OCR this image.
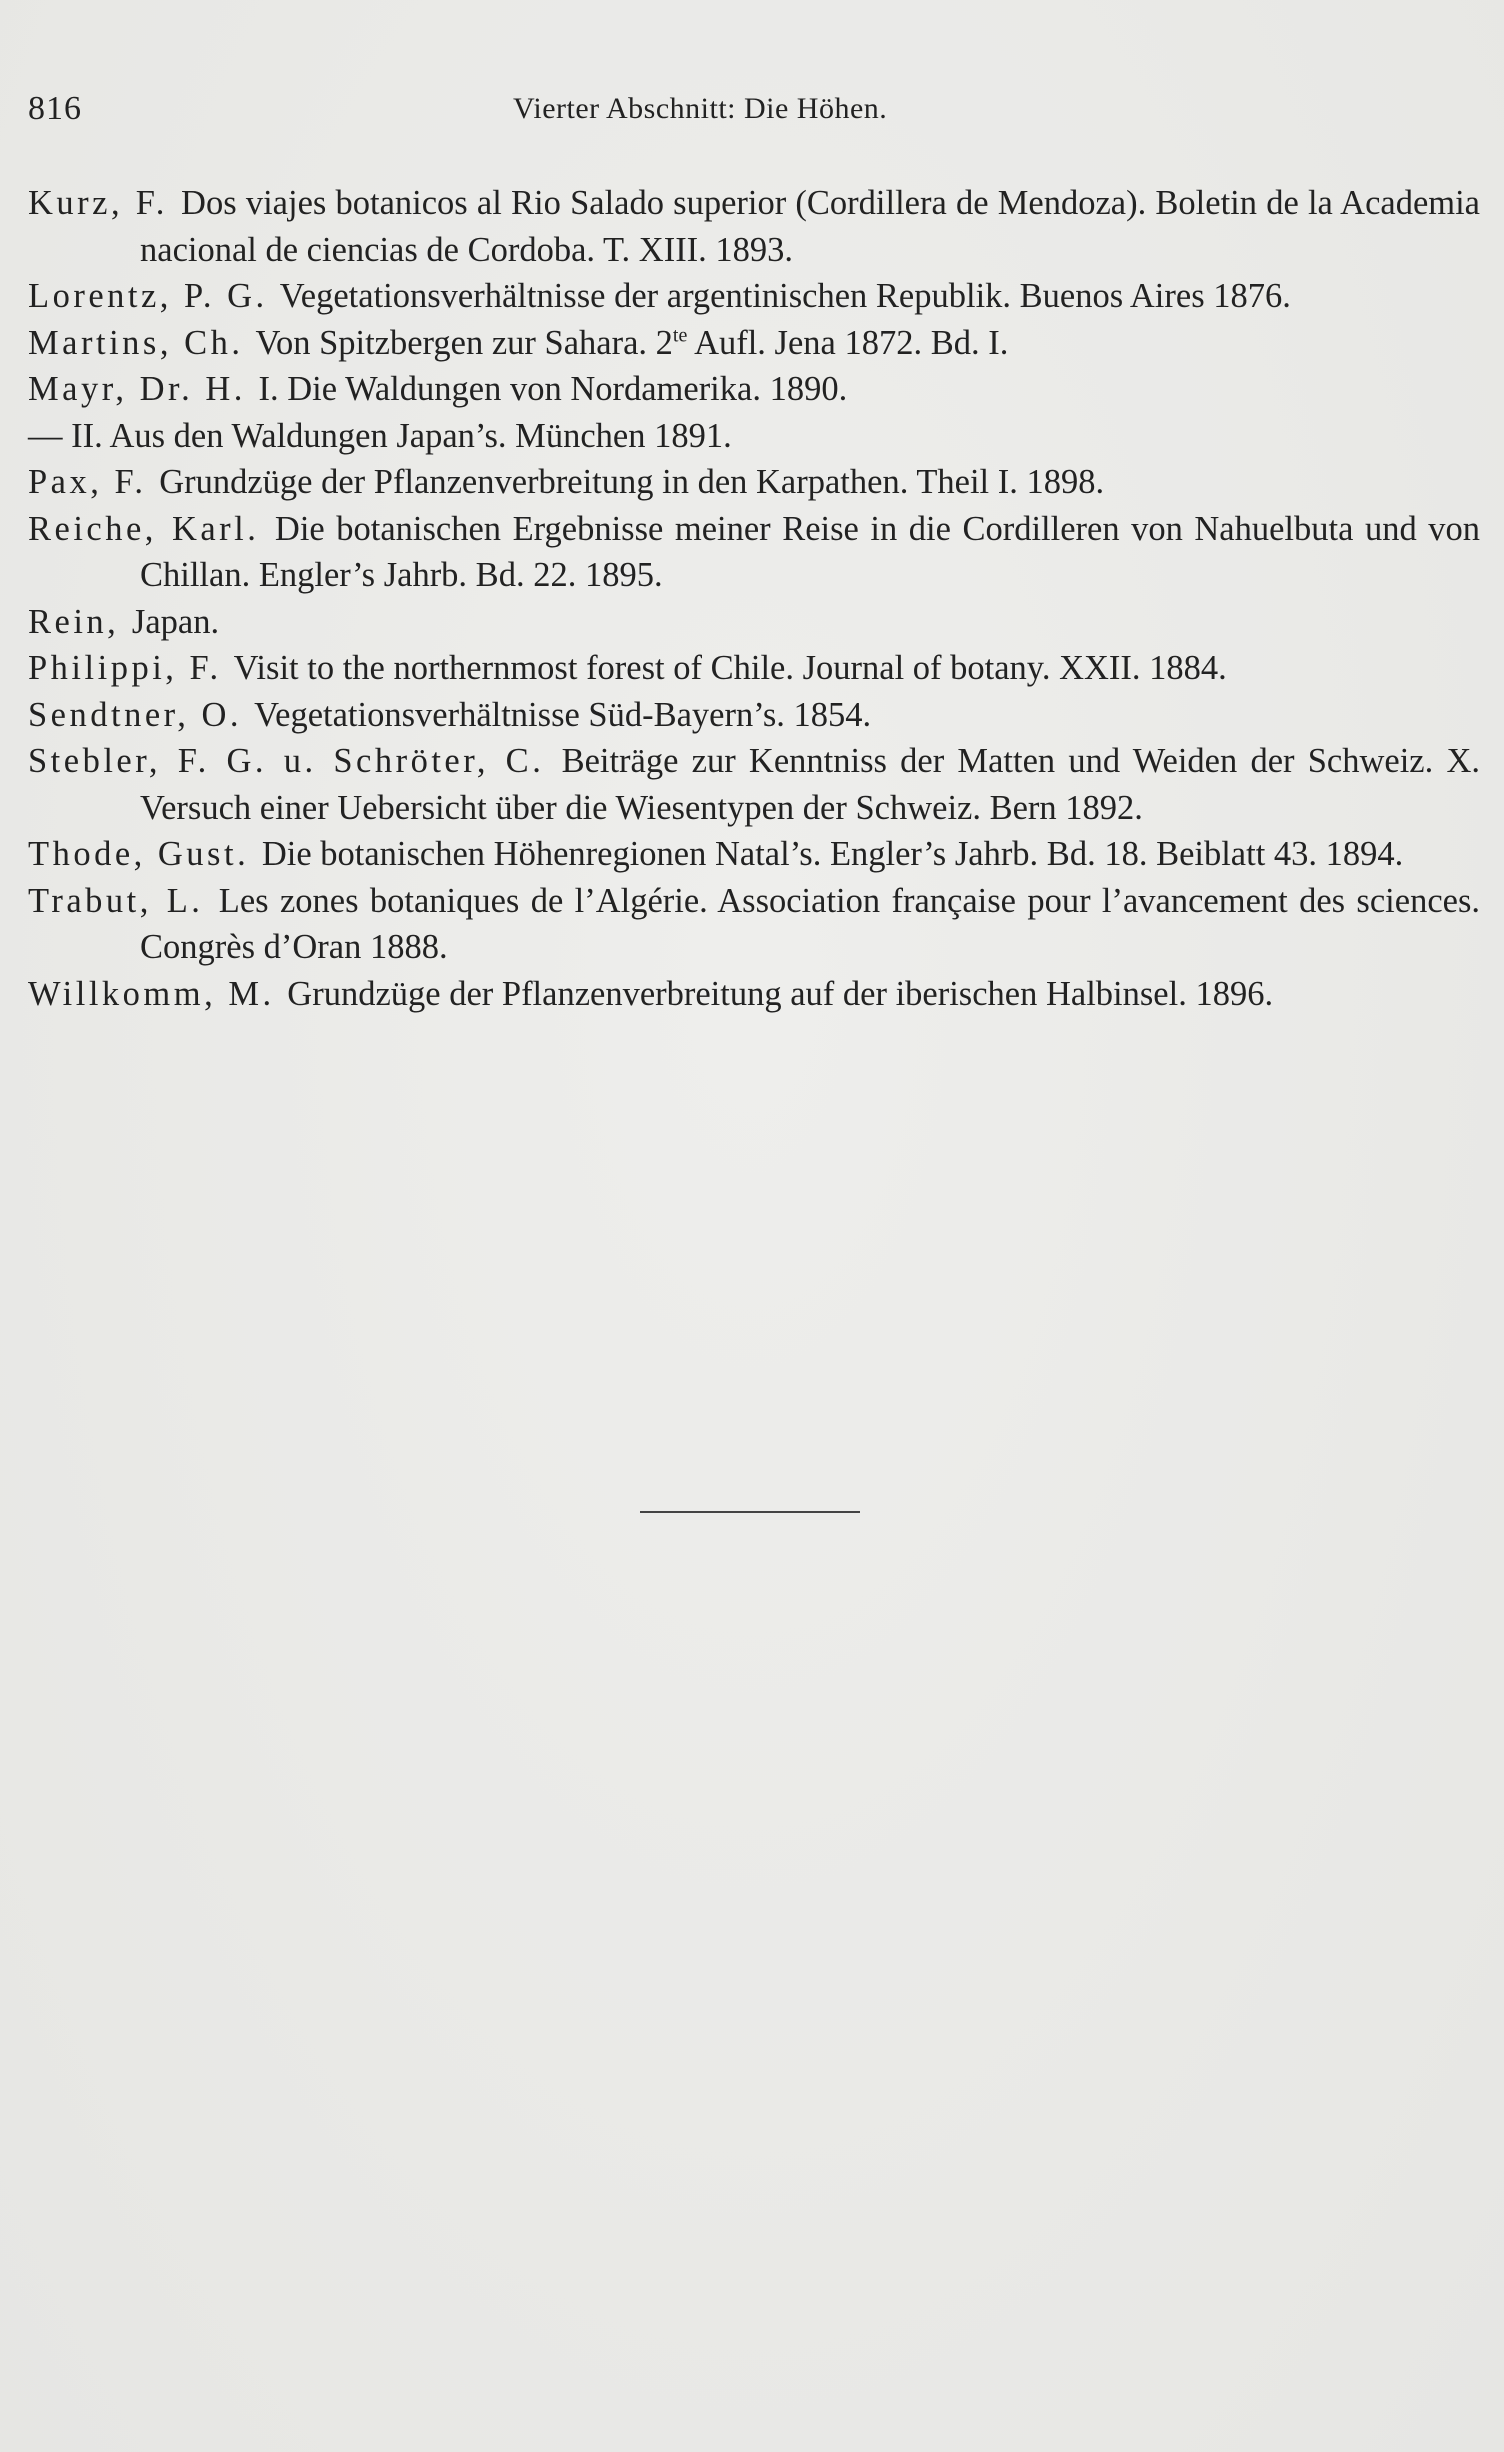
816	Vierter Abschnitt: Die Höhen.

Kurz, F. Dos viajes botanicos al Rio Salado superior (Cordillera de Mendoza). Boletin de la Academia nacional de ciencias de Cordoba. T. XIII. 1893.

Lorentz, P. G. Vegetationsverhältnisse der argentinischen Republik. Buenos Aires 1876.

Martins, Ch. Von Spitzbergen zur Sahara. $2^{te}$ Aufl. Jena 1872. Bd. I.

Mayr, Dr. H. I. Die Waldungen von Nordamerika. 1890.

— II. Aus den Waldungen Japan’s. München 1891.

Pax, F. Grundzüge der Pflanzenverbreitung in den Karpathen. Theil I. 1898.

Reiche, Karl. Die botanischen Ergebnisse meiner Reise in die Cordilleren von Nahuelbuta und von Chillan. Engler’s Jahrb. Bd. 22. 1895.

Rein, Japan.

Philippi, F. Visit to the northernmost forest of Chile. Journal of botany. XXII. 1884.

Sendtner, O. Vegetationsverhältnisse Süd-Bayern’s. 1854.

Stebler, F. G. u. Schröter, C. Beiträge zur Kenntniss der Matten und Weiden der Schweiz. X. Versuch einer Uebersicht über die Wiesentypen der Schweiz. Bern 1892.

Thode, Gust. Die botanischen Höhenregionen Natal’s. Engler’s Jahrb. Bd. 18. Beiblatt 43. 1894.

Trabut, L. Les zones botaniques de l’Algérie. Association française pour l’avancement des sciences. Congrès d’Oran 1888.

Willkomm, M. Grundzüge der Pflanzenverbreitung auf der iberischen Halbinsel. 1896.
